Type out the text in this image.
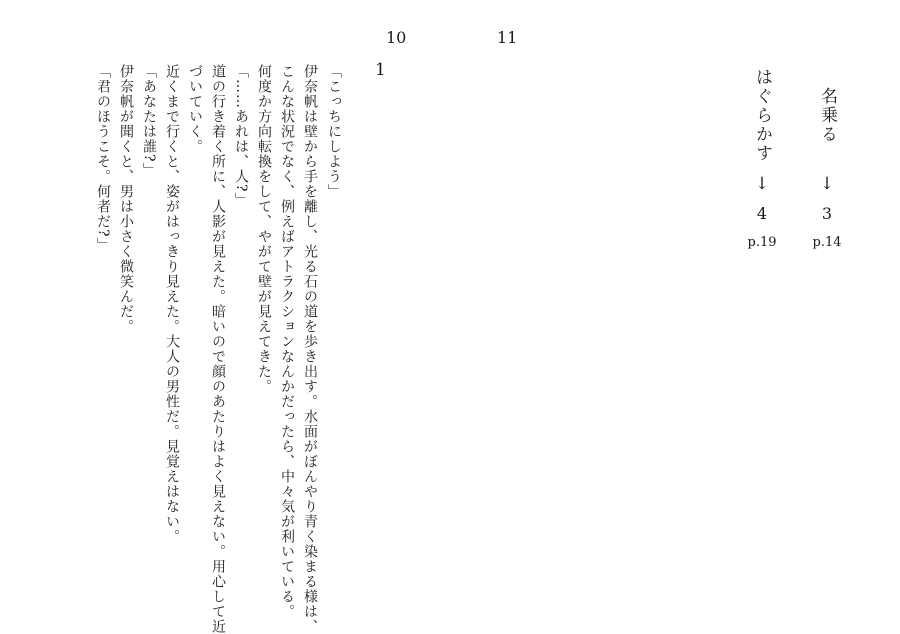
10	11
1
「こっちにしよう」
伊奈帆は壁から手を離し、光る石の道を歩き出す。水面がぼんやり青く染まる様は、
こんな状況でなく、例えばアトラクションなんかだったら、中々気が利いている。
何度か方向転換をして、やがて壁が見えてきた。
「……あれは、人?」
道の行き着く所に、人影が見えた。暗いので顔のあたりはよく見えない。用心して近
づいていく。
近くまで行くと、姿がはっきり見えた。大人の男性だ。見覚えはない。
「あなたは誰?」
伊奈帆が聞くと、男は小さく微笑んだ。
「君のほうこそ。何者だ?」	名乗る
↓
3
p.14
はぐらかす
↓
4
p.19
